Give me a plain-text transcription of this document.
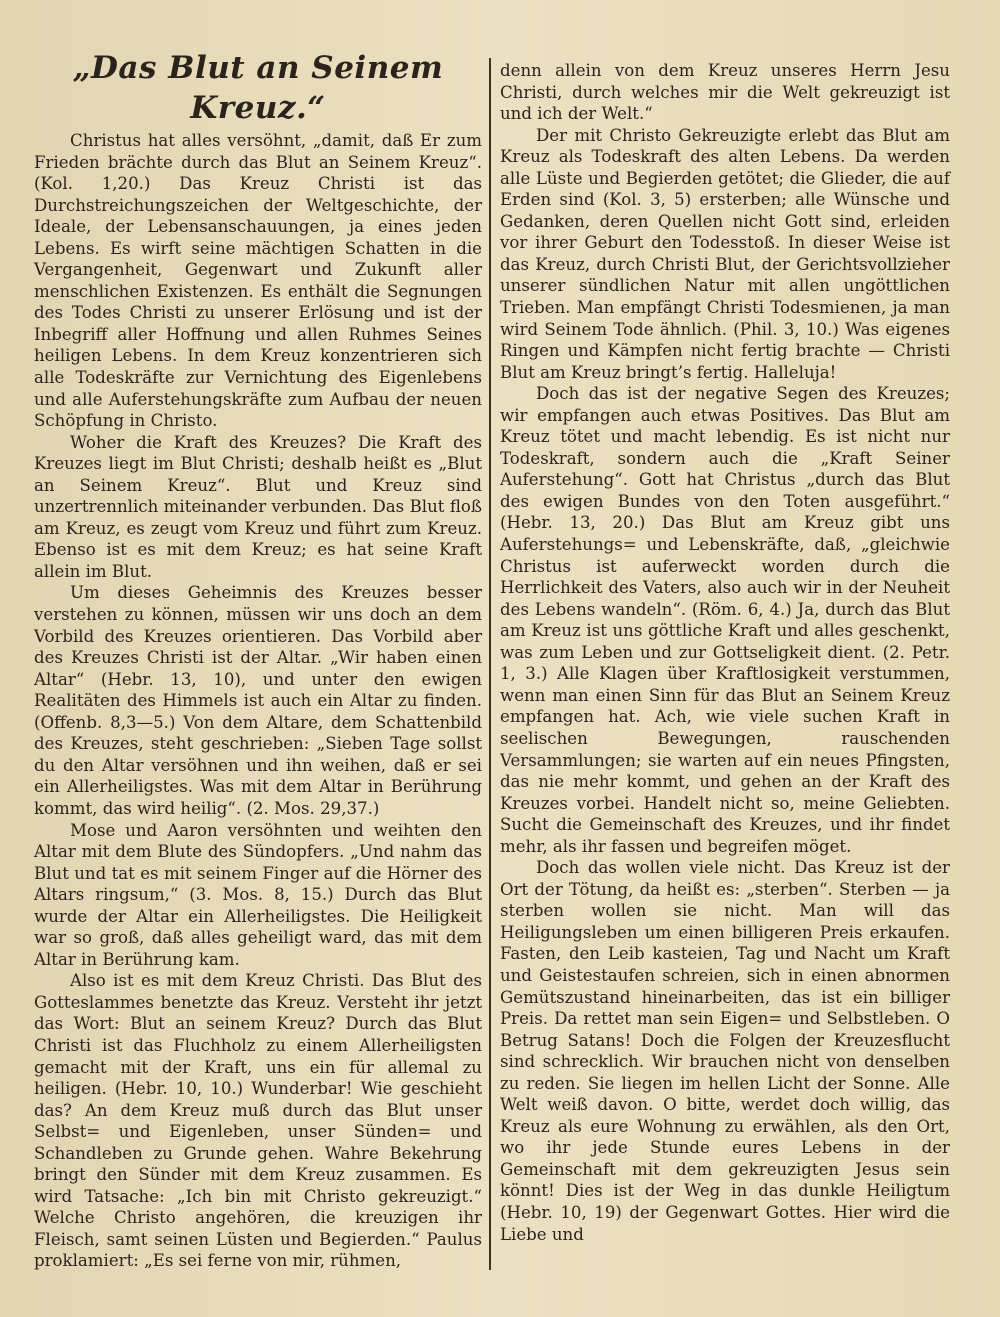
„Das Blut an Seinem Kreuz.“

Christus hat alles versöhnt, „damit, daß Er zum Frieden brächte durch das Blut an Seinem Kreuz“. (Kol. 1,20.) Das Kreuz Christi ist das Durchstreichungszeichen der Weltgeschichte, der Ideale, der Lebensanschauungen, ja eines jeden Lebens. Es wirft seine mächtigen Schatten in die Vergangenheit, Gegenwart und Zukunft aller menschlichen Existenzen. Es enthält die Segnungen des Todes Christi zu unserer Erlösung und ist der Inbegriff aller Hoffnung und allen Ruhmes Seines heiligen Lebens. In dem Kreuz konzentrieren sich alle Todeskräfte zur Vernichtung des Eigenlebens und alle Auferstehungskräfte zum Aufbau der neuen Schöpfung in Christo.

Woher die Kraft des Kreuzes? Die Kraft des Kreuzes liegt im Blut Christi; deshalb heißt es „Blut an Seinem Kreuz“. Blut und Kreuz sind unzertrennlich miteinander verbunden. Das Blut floß am Kreuz, es zeugt vom Kreuz und führt zum Kreuz. Ebenso ist es mit dem Kreuz; es hat seine Kraft allein im Blut.

Um dieses Geheimnis des Kreuzes besser verstehen zu können, müssen wir uns doch an dem Vorbild des Kreuzes orientieren. Das Vorbild aber des Kreuzes Christi ist der Altar. „Wir haben einen Altar“ (Hebr. 13, 10), und unter den ewigen Realitäten des Himmels ist auch ein Altar zu finden. (Offenb. 8,3—5.) Von dem Altare, dem Schattenbild des Kreuzes, steht geschrieben: „Sieben Tage sollst du den Altar versöhnen und ihn weihen, daß er sei ein Allerheiligstes. Was mit dem Altar in Berührung kommt, das wird heilig“. (2. Mos. 29,37.)

Mose und Aaron versöhnten und weihten den Altar mit dem Blute des Sündopfers. „Und nahm das Blut und tat es mit seinem Finger auf die Hörner des Altars ringsum,“ (3. Mos. 8, 15.) Durch das Blut wurde der Altar ein Allerheiligstes. Die Heiligkeit war so groß, daß alles geheiligt ward, das mit dem Altar in Berührung kam.

Also ist es mit dem Kreuz Christi. Das Blut des Gotteslammes benetzte das Kreuz. Versteht ihr jetzt das Wort: Blut an seinem Kreuz? Durch das Blut Christi ist das Fluchholz zu einem Allerheiligsten gemacht mit der Kraft, uns ein für allemal zu heiligen. (Hebr. 10, 10.) Wunderbar! Wie geschieht das? An dem Kreuz muß durch das Blut unser Selbst= und Eigenleben, unser Sünden= und Schandleben zu Grunde gehen. Wahre Bekehrung bringt den Sünder mit dem Kreuz zusammen. Es wird Tatsache: „Ich bin mit Christo gekreuzigt.“ Welche Christo angehören, die kreuzigen ihr Fleisch, samt seinen Lüsten und Begierden.“ Paulus proklamiert: „Es sei ferne von mir, rühmen,

denn allein von dem Kreuz unseres Herrn Jesu Christi, durch welches mir die Welt gekreuzigt ist und ich der Welt.“

Der mit Christo Gekreuzigte erlebt das Blut am Kreuz als Todeskraft des alten Lebens. Da werden alle Lüste und Begierden getötet; die Glieder, die auf Erden sind (Kol. 3, 5) ersterben; alle Wünsche und Gedanken, deren Quellen nicht Gott sind, erleiden vor ihrer Geburt den Todesstoß. In dieser Weise ist das Kreuz, durch Christi Blut, der Gerichtsvollzieher unserer sündlichen Natur mit allen ungöttlichen Trieben. Man empfängt Christi Todesmienen, ja man wird Seinem Tode ähnlich. (Phil. 3, 10.) Was eigenes Ringen und Kämpfen nicht fertig brachte — Christi Blut am Kreuz bringt’s fertig. Halleluja!

Doch das ist der negative Segen des Kreuzes; wir empfangen auch etwas Positives. Das Blut am Kreuz tötet und macht lebendig. Es ist nicht nur Todeskraft, sondern auch die „Kraft Seiner Auferstehung“. Gott hat Christus „durch das Blut des ewigen Bundes von den Toten ausgeführt.“ (Hebr. 13, 20.) Das Blut am Kreuz gibt uns Auferstehungs= und Lebenskräfte, daß, „gleichwie Christus ist auferweckt worden durch die Herrlichkeit des Vaters, also auch wir in der Neuheit des Lebens wandeln“. (Röm. 6, 4.) Ja, durch das Blut am Kreuz ist uns göttliche Kraft und alles geschenkt, was zum Leben und zur Gottseligkeit dient. (2. Petr. 1, 3.) Alle Klagen über Kraftlosigkeit verstummen, wenn man einen Sinn für das Blut an Seinem Kreuz empfangen hat. Ach, wie viele suchen Kraft in seelischen Bewegungen, rauschenden Versammlungen; sie warten auf ein neues Pfingsten, das nie mehr kommt, und gehen an der Kraft des Kreuzes vorbei. Handelt nicht so, meine Geliebten. Sucht die Gemeinschaft des Kreuzes, und ihr findet mehr, als ihr fassen und begreifen möget.

Doch das wollen viele nicht. Das Kreuz ist der Ort der Tötung, da heißt es: „sterben“. Sterben — ja sterben wollen sie nicht. Man will das Heiligungsleben um einen billigeren Preis erkaufen. Fasten, den Leib kasteien, Tag und Nacht um Kraft und Geistestaufen schreien, sich in einen abnormen Gemütszustand hineinarbeiten, das ist ein billiger Preis. Da rettet man sein Eigen= und Selbstleben. O Betrug Satans! Doch die Folgen der Kreuzesflucht sind schrecklich. Wir brauchen nicht von denselben zu reden. Sie liegen im hellen Licht der Sonne. Alle Welt weiß davon. O bitte, werdet doch willig, das Kreuz als eure Wohnung zu erwählen, als den Ort, wo ihr jede Stunde eures Lebens in der Gemeinschaft mit dem gekreuzigten Jesus sein könnt! Dies ist der Weg in das dunkle Heiligtum (Hebr. 10, 19) der Gegenwart Gottes. Hier wird die Liebe und
